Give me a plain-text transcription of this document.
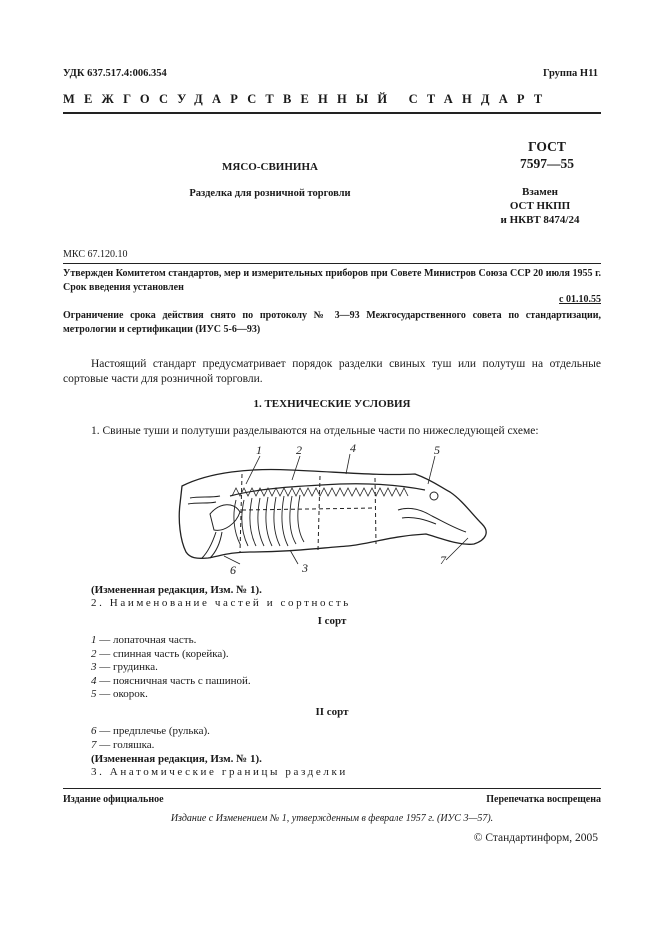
УДК 637.517.4:006.354	Группа Н11
МЕЖГОСУДАРСТВЕННЫЙ СТАНДАРТ
ГОСТ
7597—55
Взамен
ОСТ НКПП
и НКВТ 8474/24
МЯСО-СВИНИНА
Разделка для розничной торговли
МКС 67.120.10
Утвержден Комитетом стандартов, мер и измерительных приборов при Совете Министров Союза ССР 20 июля 1955 г. Срок введения установлен
с 01.10.55
Ограничение срока действия снято по протоколу № 3—93 Межгосударственного совета по стандартизации, метрологии и сертификации (ИУС 5-6—93)
Настоящий стандарт предусматривает порядок разделки свиных туш или полутуш на отдельные сортовые части для розничной торговли.
1. ТЕХНИЧЕСКИЕ УСЛОВИЯ
1. Свиные туши и полутуши разделываются на отдельные части по нижеследующей схеме:
1	2
3
4	5
6
7
(Измененная редакция, Изм. № 1).
2. Наименование частей и сортность
I сорт
1 — лопаточная часть.
2 — спинная часть (корейка).
3 — грудинка.
4 — поясничная часть с пашиной.
5 — окорок.
II сорт
6 — предплечье (рулька).
7 — голяшка.
(Измененная редакция, Изм. № 1).
3. Анатомические границы разделки
Издание официальное	Перепечатка воспрещена
Издание с Изменением № 1, утвержденным в феврале 1957 г. (ИУС 3—57).
© Стандартинформ, 2005
